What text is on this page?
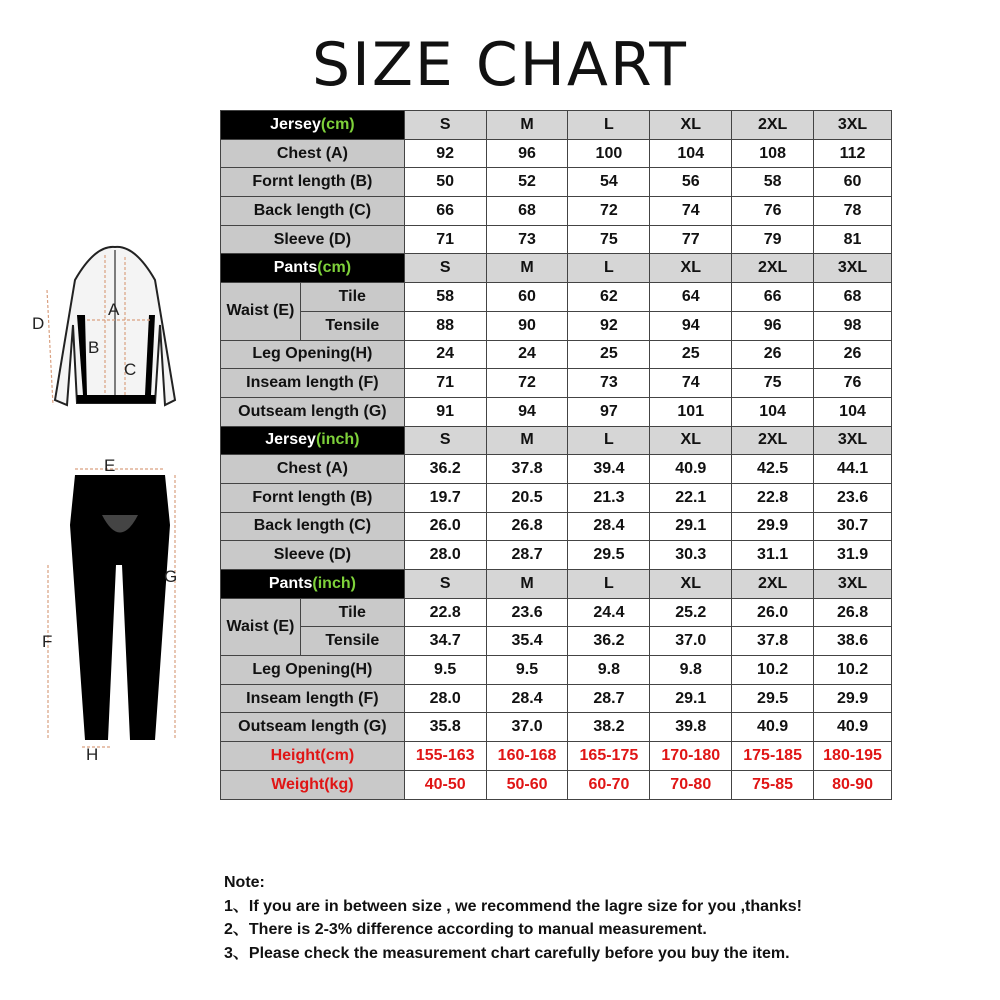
SIZE CHART
A
B
C
D
E
F
G
H
Jersey(cm)		S	M	L	XL	2XL	3XL
Chest (A)		92	96	100	104	108	112
Fornt length (B)		50	52	54	56	58	60
Back length (C)		66	68	72	74	76	78
Sleeve (D)		71	73	75	77	79	81
Pants(cm)		S	M	L	XL	2XL	3XL
Waist (E)	Tile	58	60	62	64	66	68
	Tensile	88	90	92	94	96	98
Leg Opening(H)		24	24	25	25	26	26
Inseam length (F)		71	72	73	74	75	76
Outseam length (G)		91	94	97	101	104	104
Jersey(inch)		S	M	L	XL	2XL	3XL
Chest (A)		36.2	37.8	39.4	40.9	42.5	44.1
Fornt length (B)		19.7	20.5	21.3	22.1	22.8	23.6
Back length (C)		26.0	26.8	28.4	29.1	29.9	30.7
Sleeve (D)		28.0	28.7	29.5	30.3	31.1	31.9
Pants(inch)		S	M	L	XL	2XL	3XL
Waist (E)	Tile	22.8	23.6	24.4	25.2	26.0	26.8
	Tensile	34.7	35.4	36.2	37.0	37.8	38.6
Leg Opening(H)		9.5	9.5	9.8	9.8	10.2	10.2
Inseam length (F)		28.0	28.4	28.7	29.1	29.5	29.9
Outseam length (G)		35.8	37.0	38.2	39.8	40.9	40.9
Height(cm)		155-163	160-168	165-175	170-180	175-185	180-195
Weight(kg)		40-50	50-60	60-70	70-80	75-85	80-90
Note:
1、If you are in between size , we recommend the lagre size for you ,thanks!
2、There is 2-3% difference according to manual measurement.
3、Please check the measurement chart carefully before you buy the item.
